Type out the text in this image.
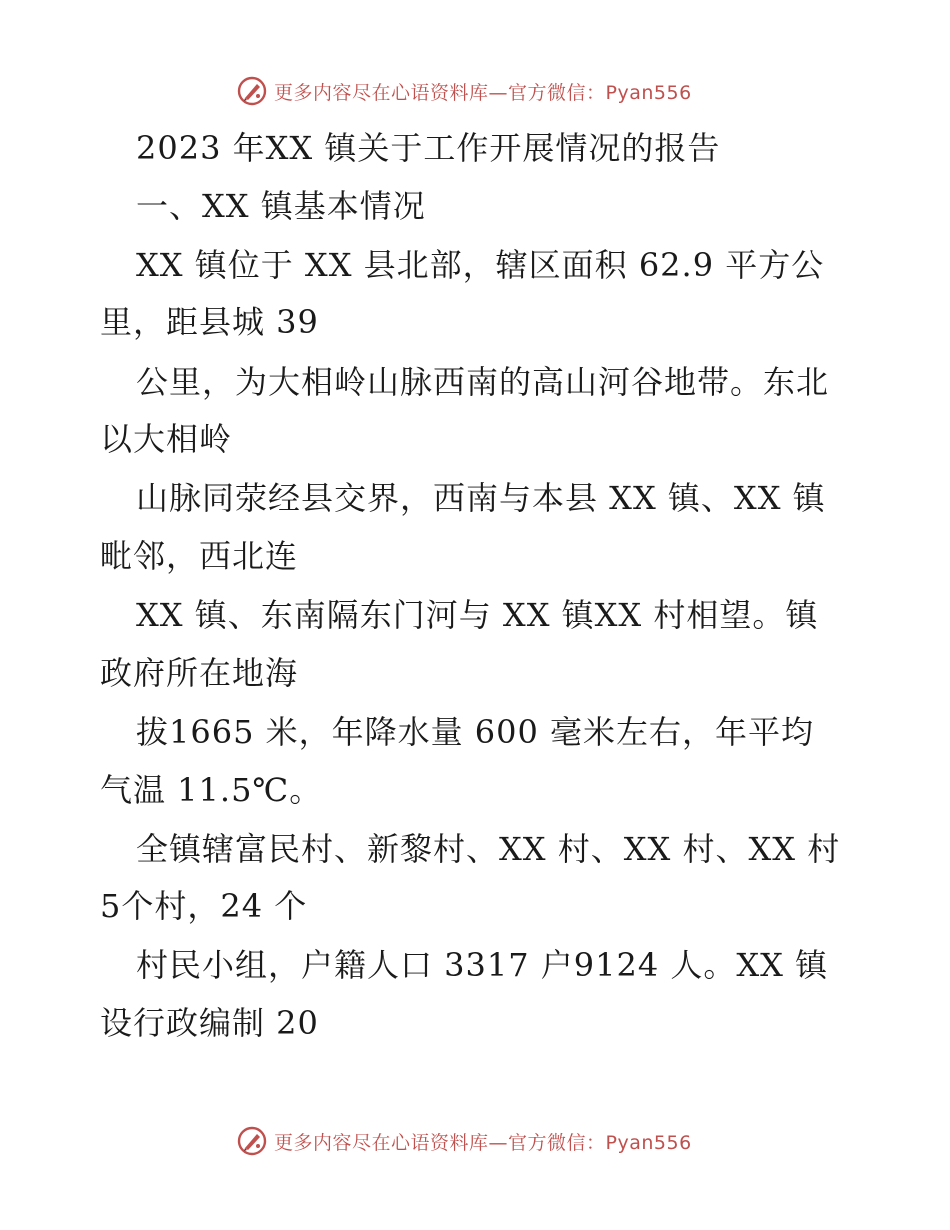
更多内容尽在心语资料库—官方微信：Pyan556
2023 年XX 镇关于工作开展情况的报告
一、XX 镇基本情况
XX 镇位于 XX 县北部，辖区面积 62.9 平方公
里，距县城 39
公里，为大相岭山脉西南的高山河谷地带。东北
以大相岭
山脉同荥经县交界，西南与本县 XX 镇、XX 镇
毗邻，西北连
XX 镇、东南隔东门河与 XX 镇XX 村相望。镇
政府所在地海
拔1665 米，年降水量 600 毫米左右，年平均
气温 11.5℃。
全镇辖富民村、新黎村、XX 村、XX 村、XX 村
5个村，24 个
村民小组，户籍人口 3317 户9124 人。XX 镇
设行政编制 20
更多内容尽在心语资料库—官方微信：Pyan556
